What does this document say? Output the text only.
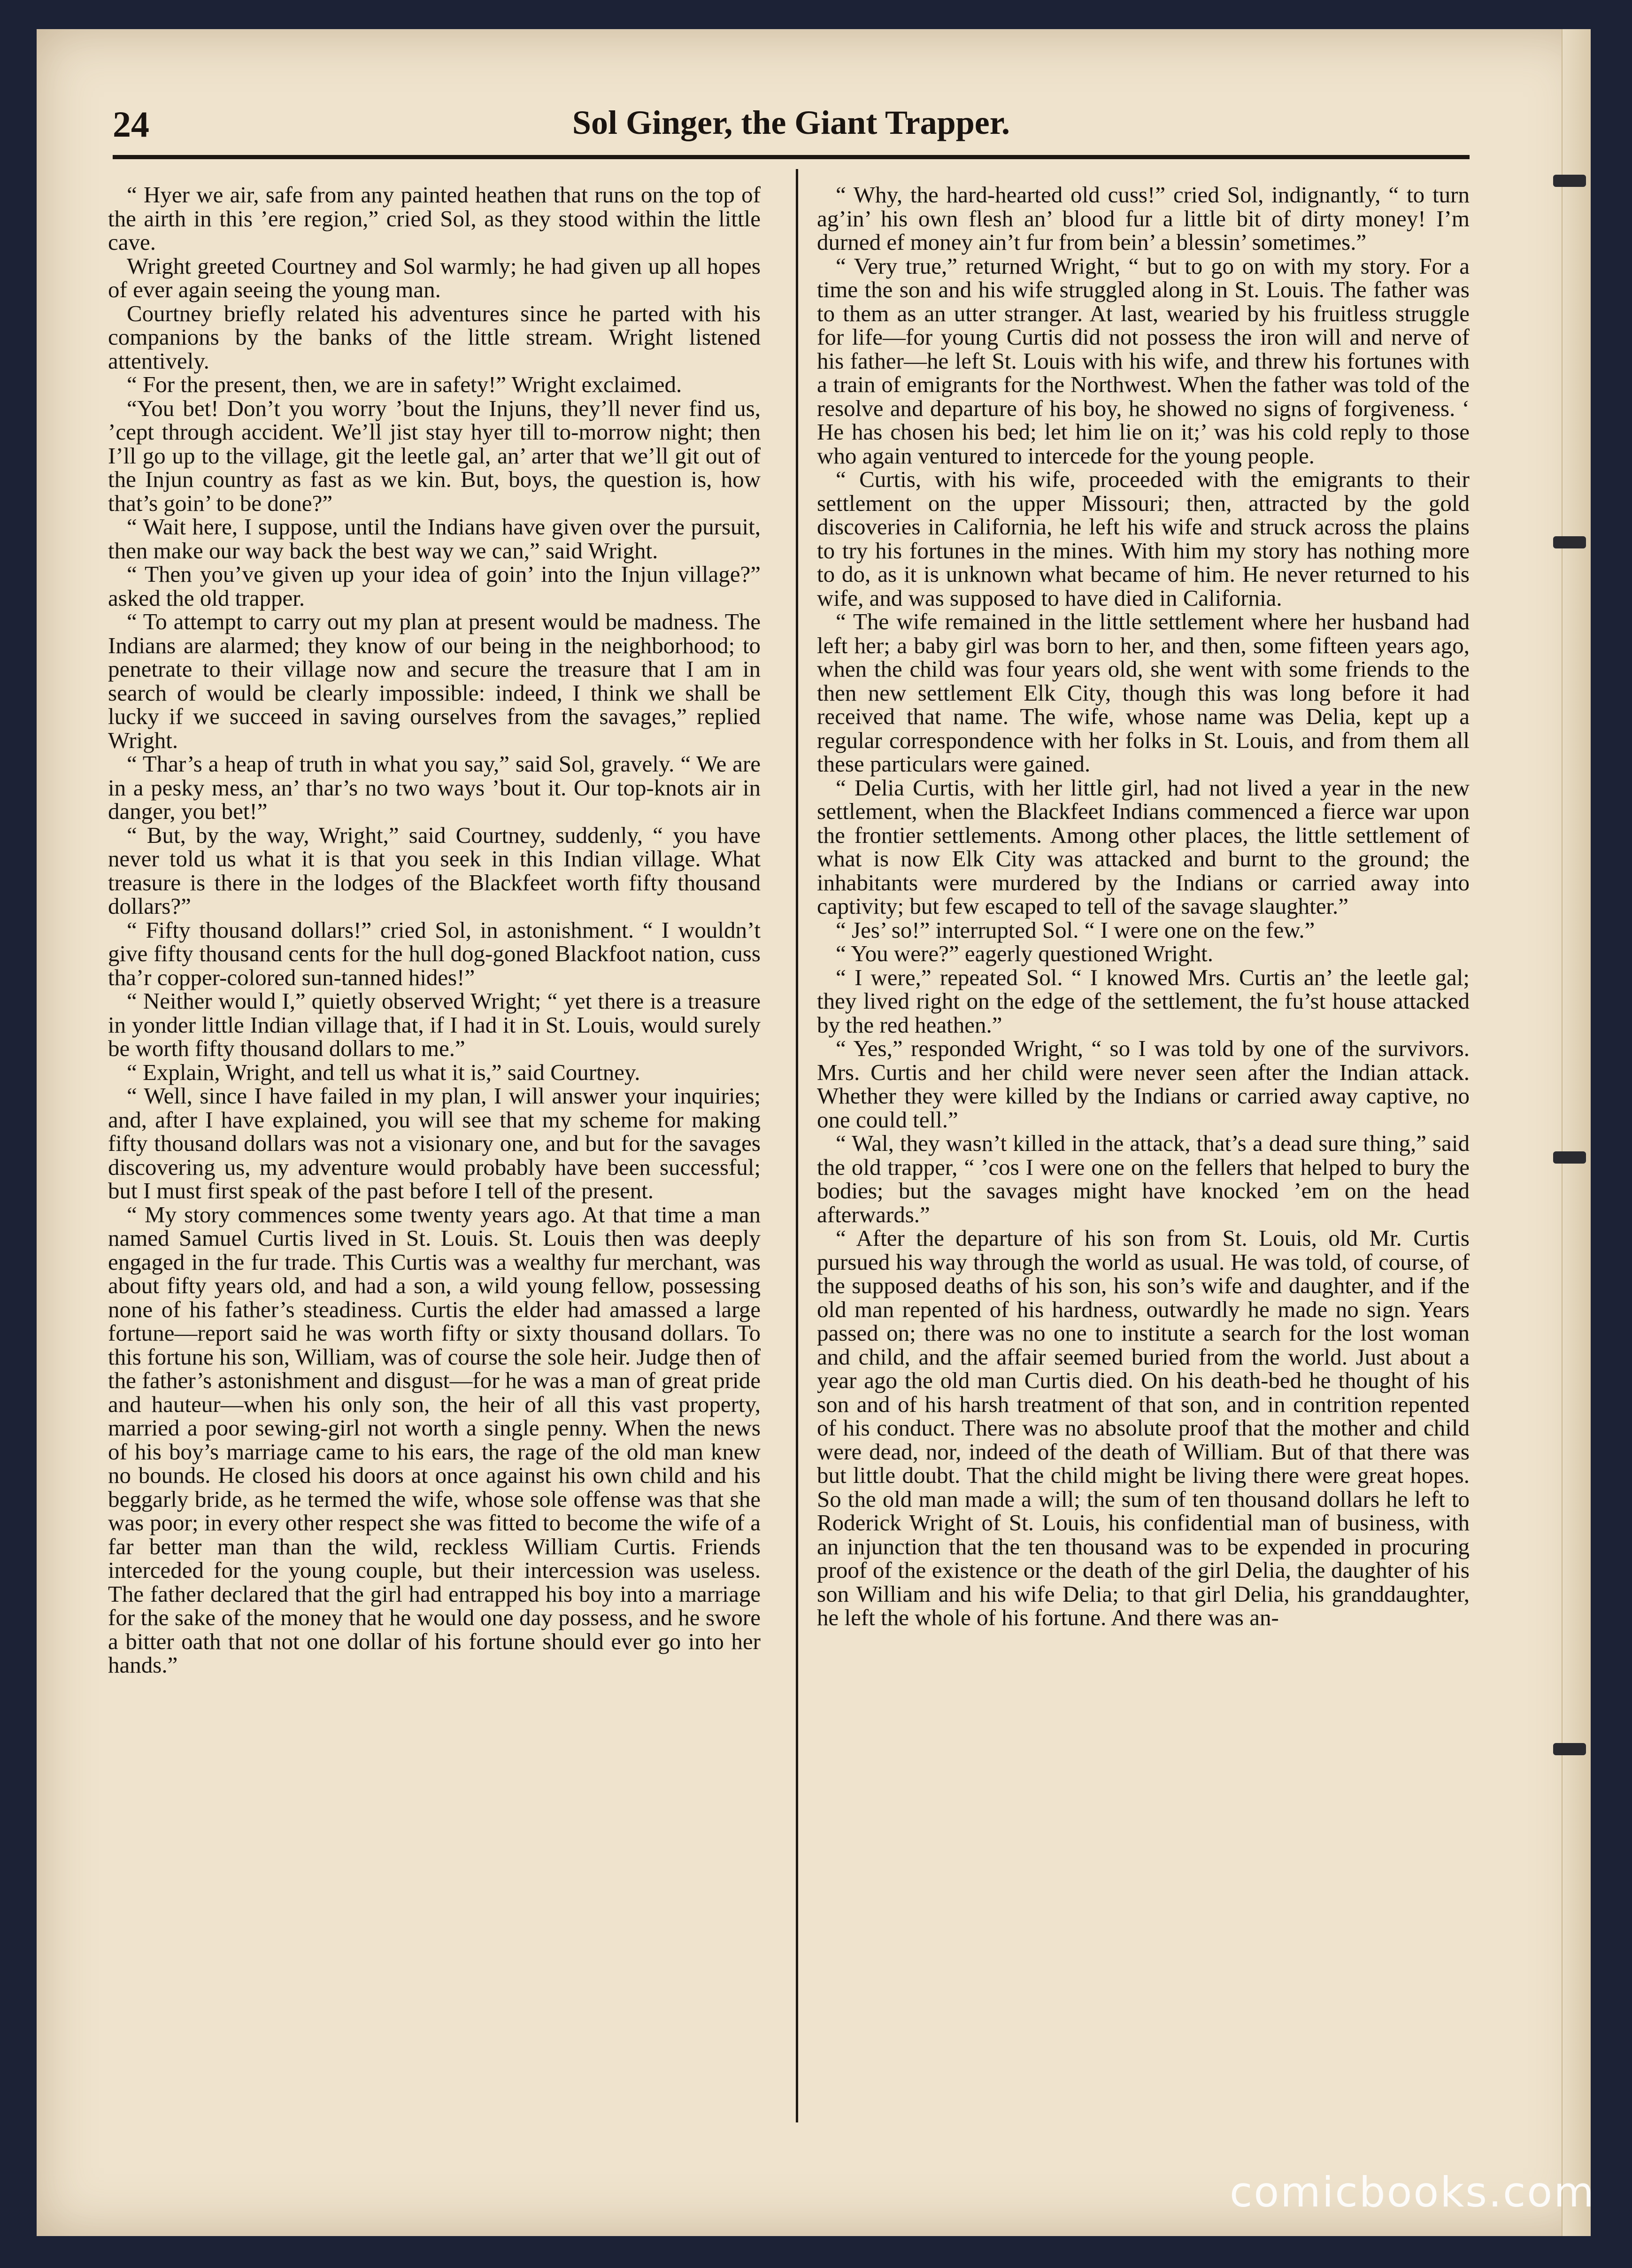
24	Sol Ginger, the Giant Trapper.

“ Hyer we air, safe from any painted heathen that runs on the top of the airth in this ’ere region,” cried Sol, as they stood within the little cave.

Wright greeted Courtney and Sol warmly; he had given up all hopes of ever again seeing the young man.

Courtney briefly related his adventures since he parted with his companions by the banks of the little stream. Wright listened attentively.

“ For the present, then, we are in safety!” Wright exclaimed.

“You bet! Don’t you worry ’bout the Injuns, they’ll never find us, ’cept through accident. We’ll jist stay hyer till to-morrow night; then I’ll go up to the village, git the leetle gal, an’ arter that we’ll git out of the Injun country as fast as we kin. But, boys, the question is, how that’s goin’ to be done?”

“ Wait here, I suppose, until the Indians have given over the pursuit, then make our way back the best way we can,” said Wright.

“ Then you’ve given up your idea of goin’ into the Injun village?” asked the old trapper.

“ To attempt to carry out my plan at present would be madness. The Indians are alarmed; they know of our being in the neighborhood; to penetrate to their village now and secure the treasure that I am in search of would be clearly impossible: indeed, I think we shall be lucky if we succeed in saving ourselves from the savages,” replied Wright.

“ Thar’s a heap of truth in what you say,” said Sol, gravely. “ We are in a pesky mess, an’ thar’s no two ways ’bout it. Our top-knots air in danger, you bet!”

“ But, by the way, Wright,” said Courtney, suddenly, “ you have never told us what it is that you seek in this Indian village. What treasure is there in the lodges of the Blackfeet worth fifty thousand dollars?”

“ Fifty thousand dollars!” cried Sol, in astonishment. “ I wouldn’t give fifty thousand cents for the hull dog-goned Blackfoot nation, cuss tha’r copper-colored sun-tanned hides!”

“ Neither would I,” quietly observed Wright; “ yet there is a treasure in yonder little Indian village that, if I had it in St. Louis, would surely be worth fifty thousand dollars to me.”

“ Explain, Wright, and tell us what it is,” said Courtney.

“ Well, since I have failed in my plan, I will answer your inquiries; and, after I have explained, you will see that my scheme for making fifty thousand dollars was not a visionary one, and but for the savages discovering us, my adventure would probably have been successful; but I must first speak of the past before I tell of the present.

“ My story commences some twenty years ago. At that time a man named Samuel Curtis lived in St. Louis. St. Louis then was deeply engaged in the fur trade. This Curtis was a wealthy fur merchant, was about fifty years old, and had a son, a wild young fellow, possessing none of his father’s steadiness. Curtis the elder had amassed a large fortune—report said he was worth fifty or sixty thousand dollars. To this fortune his son, William, was of course the sole heir. Judge then of the father’s astonishment and disgust—for he was a man of great pride and hauteur—when his only son, the heir of all this vast property, married a poor sewing-girl not worth a single penny. When the news of his boy’s marriage came to his ears, the rage of the old man knew no bounds. He closed his doors at once against his own child and his beggarly bride, as he termed the wife, whose sole offense was that she was poor; in every other respect she was fitted to become the wife of a far better man than the wild, reckless William Curtis. Friends interceded for the young couple, but their intercession was useless. The father declared that the girl had entrapped his boy into a marriage for the sake of the money that he would one day possess, and he swore a bitter oath that not one dollar of his fortune should ever go into her hands.”

“ Why, the hard-hearted old cuss!” cried Sol, indignantly, “ to turn ag’in’ his own flesh an’ blood fur a little bit of dirty money! I’m durned ef money ain’t fur from bein’ a blessin’ sometimes.”

“ Very true,” returned Wright, “ but to go on with my story. For a time the son and his wife struggled along in St. Louis. The father was to them as an utter stranger. At last, wearied by his fruitless struggle for life—for young Curtis did not possess the iron will and nerve of his father—he left St. Louis with his wife, and threw his fortunes with a train of emigrants for the Northwest. When the father was told of the resolve and departure of his boy, he showed no signs of forgiveness. ‘ He has chosen his bed; let him lie on it;’ was his cold reply to those who again ventured to intercede for the young people.

“ Curtis, with his wife, proceeded with the emigrants to their settlement on the upper Missouri; then, attracted by the gold discoveries in California, he left his wife and struck across the plains to try his fortunes in the mines. With him my story has nothing more to do, as it is unknown what became of him. He never returned to his wife, and was supposed to have died in California.

“ The wife remained in the little settlement where her husband had left her; a baby girl was born to her, and then, some fifteen years ago, when the child was four years old, she went with some friends to the then new settlement Elk City, though this was long before it had received that name. The wife, whose name was Delia, kept up a regular correspondence with her folks in St. Louis, and from them all these particulars were gained.

“ Delia Curtis, with her little girl, had not lived a year in the new settlement, when the Blackfeet Indians commenced a fierce war upon the frontier settlements. Among other places, the little settlement of what is now Elk City was attacked and burnt to the ground; the inhabitants were murdered by the Indians or carried away into captivity; but few escaped to tell of the savage slaughter.”

“ Jes’ so!” interrupted Sol. “ I were one on the few.”

“ You were?” eagerly questioned Wright.

“ I were,” repeated Sol. “ I knowed Mrs. Curtis an’ the leetle gal; they lived right on the edge of the settlement, the fu’st house attacked by the red heathen.”

“ Yes,” responded Wright, “ so I was told by one of the survivors. Mrs. Curtis and her child were never seen after the Indian attack. Whether they were killed by the Indians or carried away captive, no one could tell.”

“ Wal, they wasn’t killed in the attack, that’s a dead sure thing,” said the old trapper, “ ’cos I were one on the fellers that helped to bury the bodies; but the savages might have knocked ’em on the head afterwards.”

“ After the departure of his son from St. Louis, old Mr. Curtis pursued his way through the world as usual. He was told, of course, of the supposed deaths of his son, his son’s wife and daughter, and if the old man repented of his hardness, outwardly he made no sign. Years passed on; there was no one to institute a search for the lost woman and child, and the affair seemed buried from the world. Just about a year ago the old man Curtis died. On his death-bed he thought of his son and of his harsh treatment of that son, and in contrition repented of his conduct. There was no absolute proof that the mother and child were dead, nor, indeed of the death of William. But of that there was but little doubt. That the child might be living there were great hopes. So the old man made a will; the sum of ten thousand dollars he left to Roderick Wright of St. Louis, his confidential man of business, with an injunction that the ten thousand was to be expended in procuring proof of the existence or the death of the girl Delia, the daughter of his son William and his wife Delia; to that girl Delia, his granddaughter, he left the whole of his fortune. And there was an-

comicbooks.com
